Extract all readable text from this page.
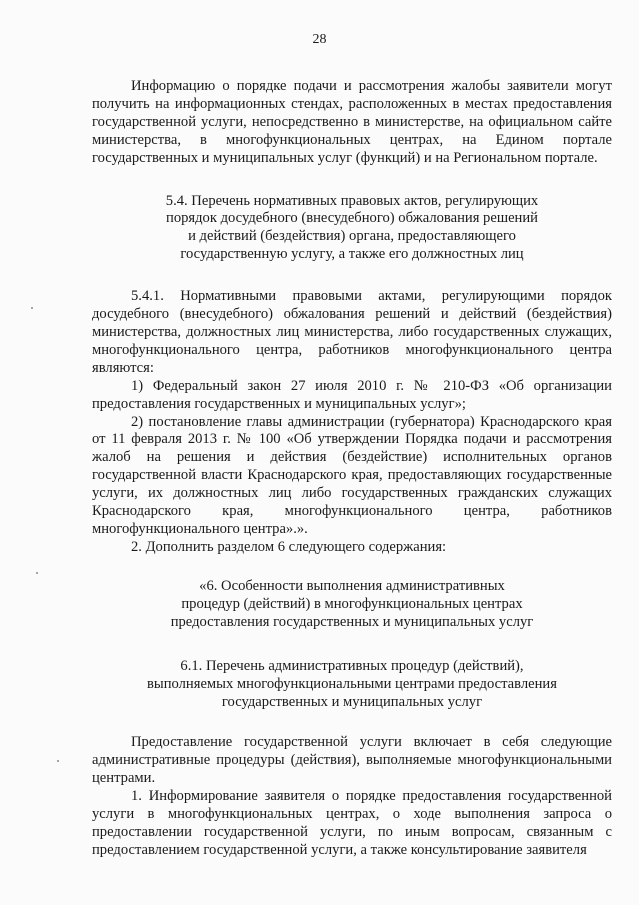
28

Информацию о порядке подачи и рассмотрения жалобы заявители могут получить на информационных стендах, расположенных в местах предоставления государственной услуги, непосредственно в министерстве, на официальном сайте министерства, в многофункциональных центрах, на Едином портале государственных и муниципальных услуг (функций) и на Региональном портале.

5.4. Перечень нормативных правовых актов, регулирующих
порядок досудебного (внесудебного) обжалования решений
и действий (бездействия) органа, предоставляющего
государственную услугу, а также его должностных лиц

5.4.1. Нормативными правовыми актами, регулирующими порядок досудебного (внесудебного) обжалования решений и действий (бездействия) министерства, должностных лиц министерства, либо государственных служащих, многофункционального центра, работников многофункционального центра являются:

1) Федеральный закон 27 июля 2010 г. № 210-ФЗ «Об организации предоставления государственных и муниципальных услуг»;

2) постановление главы администрации (губернатора) Краснодарского края от 11 февраля 2013 г. № 100 «Об утверждении Порядка подачи и рассмотрения жалоб на решения и действия (бездействие) исполнительных органов государственной власти Краснодарского края, предоставляющих государственные услуги, их должностных лиц либо государственных гражданских служащих Краснодарского края, многофункционального центра, работников многофункционального центра».».

2. Дополнить разделом 6 следующего содержания:

«6. Особенности выполнения административных
процедур (действий) в многофункциональных центрах
предоставления государственных и муниципальных услуг
6.1. Перечень административных процедур (действий),
выполняемых многофункциональными центрами предоставления
государственных и муниципальных услуг

Предоставление государственной услуги включает в себя следующие административные процедуры (действия), выполняемые многофункциональными центрами.

1. Информирование заявителя о порядке предоставления государственной услуги в многофункциональных центрах, о ходе выполнения запроса о предоставлении государственной услуги, по иным вопросам, связанным с предоставлением государственной услуги, а также консультирование заявителя
